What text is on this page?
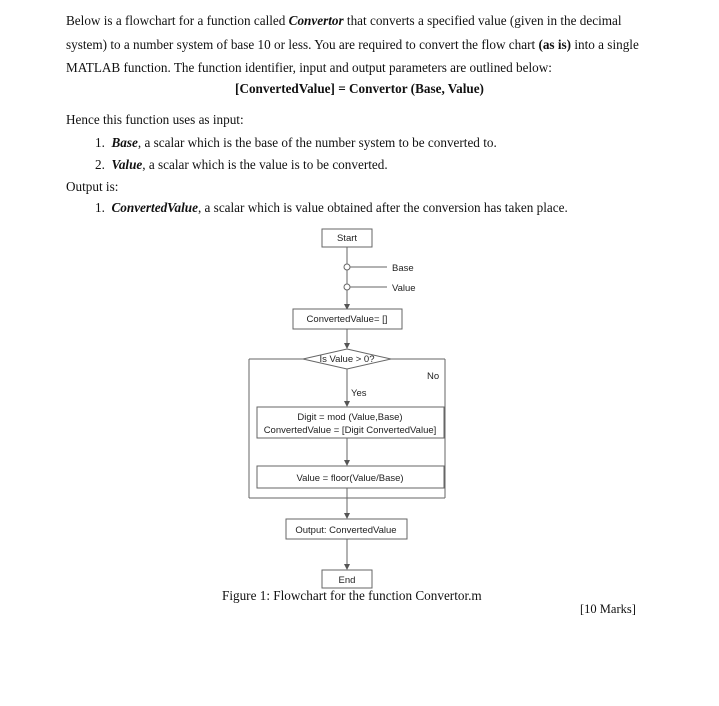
Below is a flowchart for a function called Convertor that converts a specified value (given in the decimal
system) to a number system of base 10 or less. You are required to convert the flow chart (as is) into a single
MATLAB function. The function identifier, input and output parameters are outlined below:
[ConvertedValue] = Convertor (Base, Value)
Hence this function uses as input:
1. Base, a scalar which is the base of the number system to be converted to.
2. Value, a scalar which is the value is to be converted.
Output is:
1. ConvertedValue, a scalar which is value obtained after the conversion has taken place.
Start
ConvertedValue= []
Is Value > 0?
Digit = mod (Value,Base)
ConvertedValue = [Digit ConvertedValue]
Value = floor(Value/Base)
Output: ConvertedValue
End
Base
Value
No
Yes
Figure 1: Flowchart for the function Convertor.m
[10 Marks]
